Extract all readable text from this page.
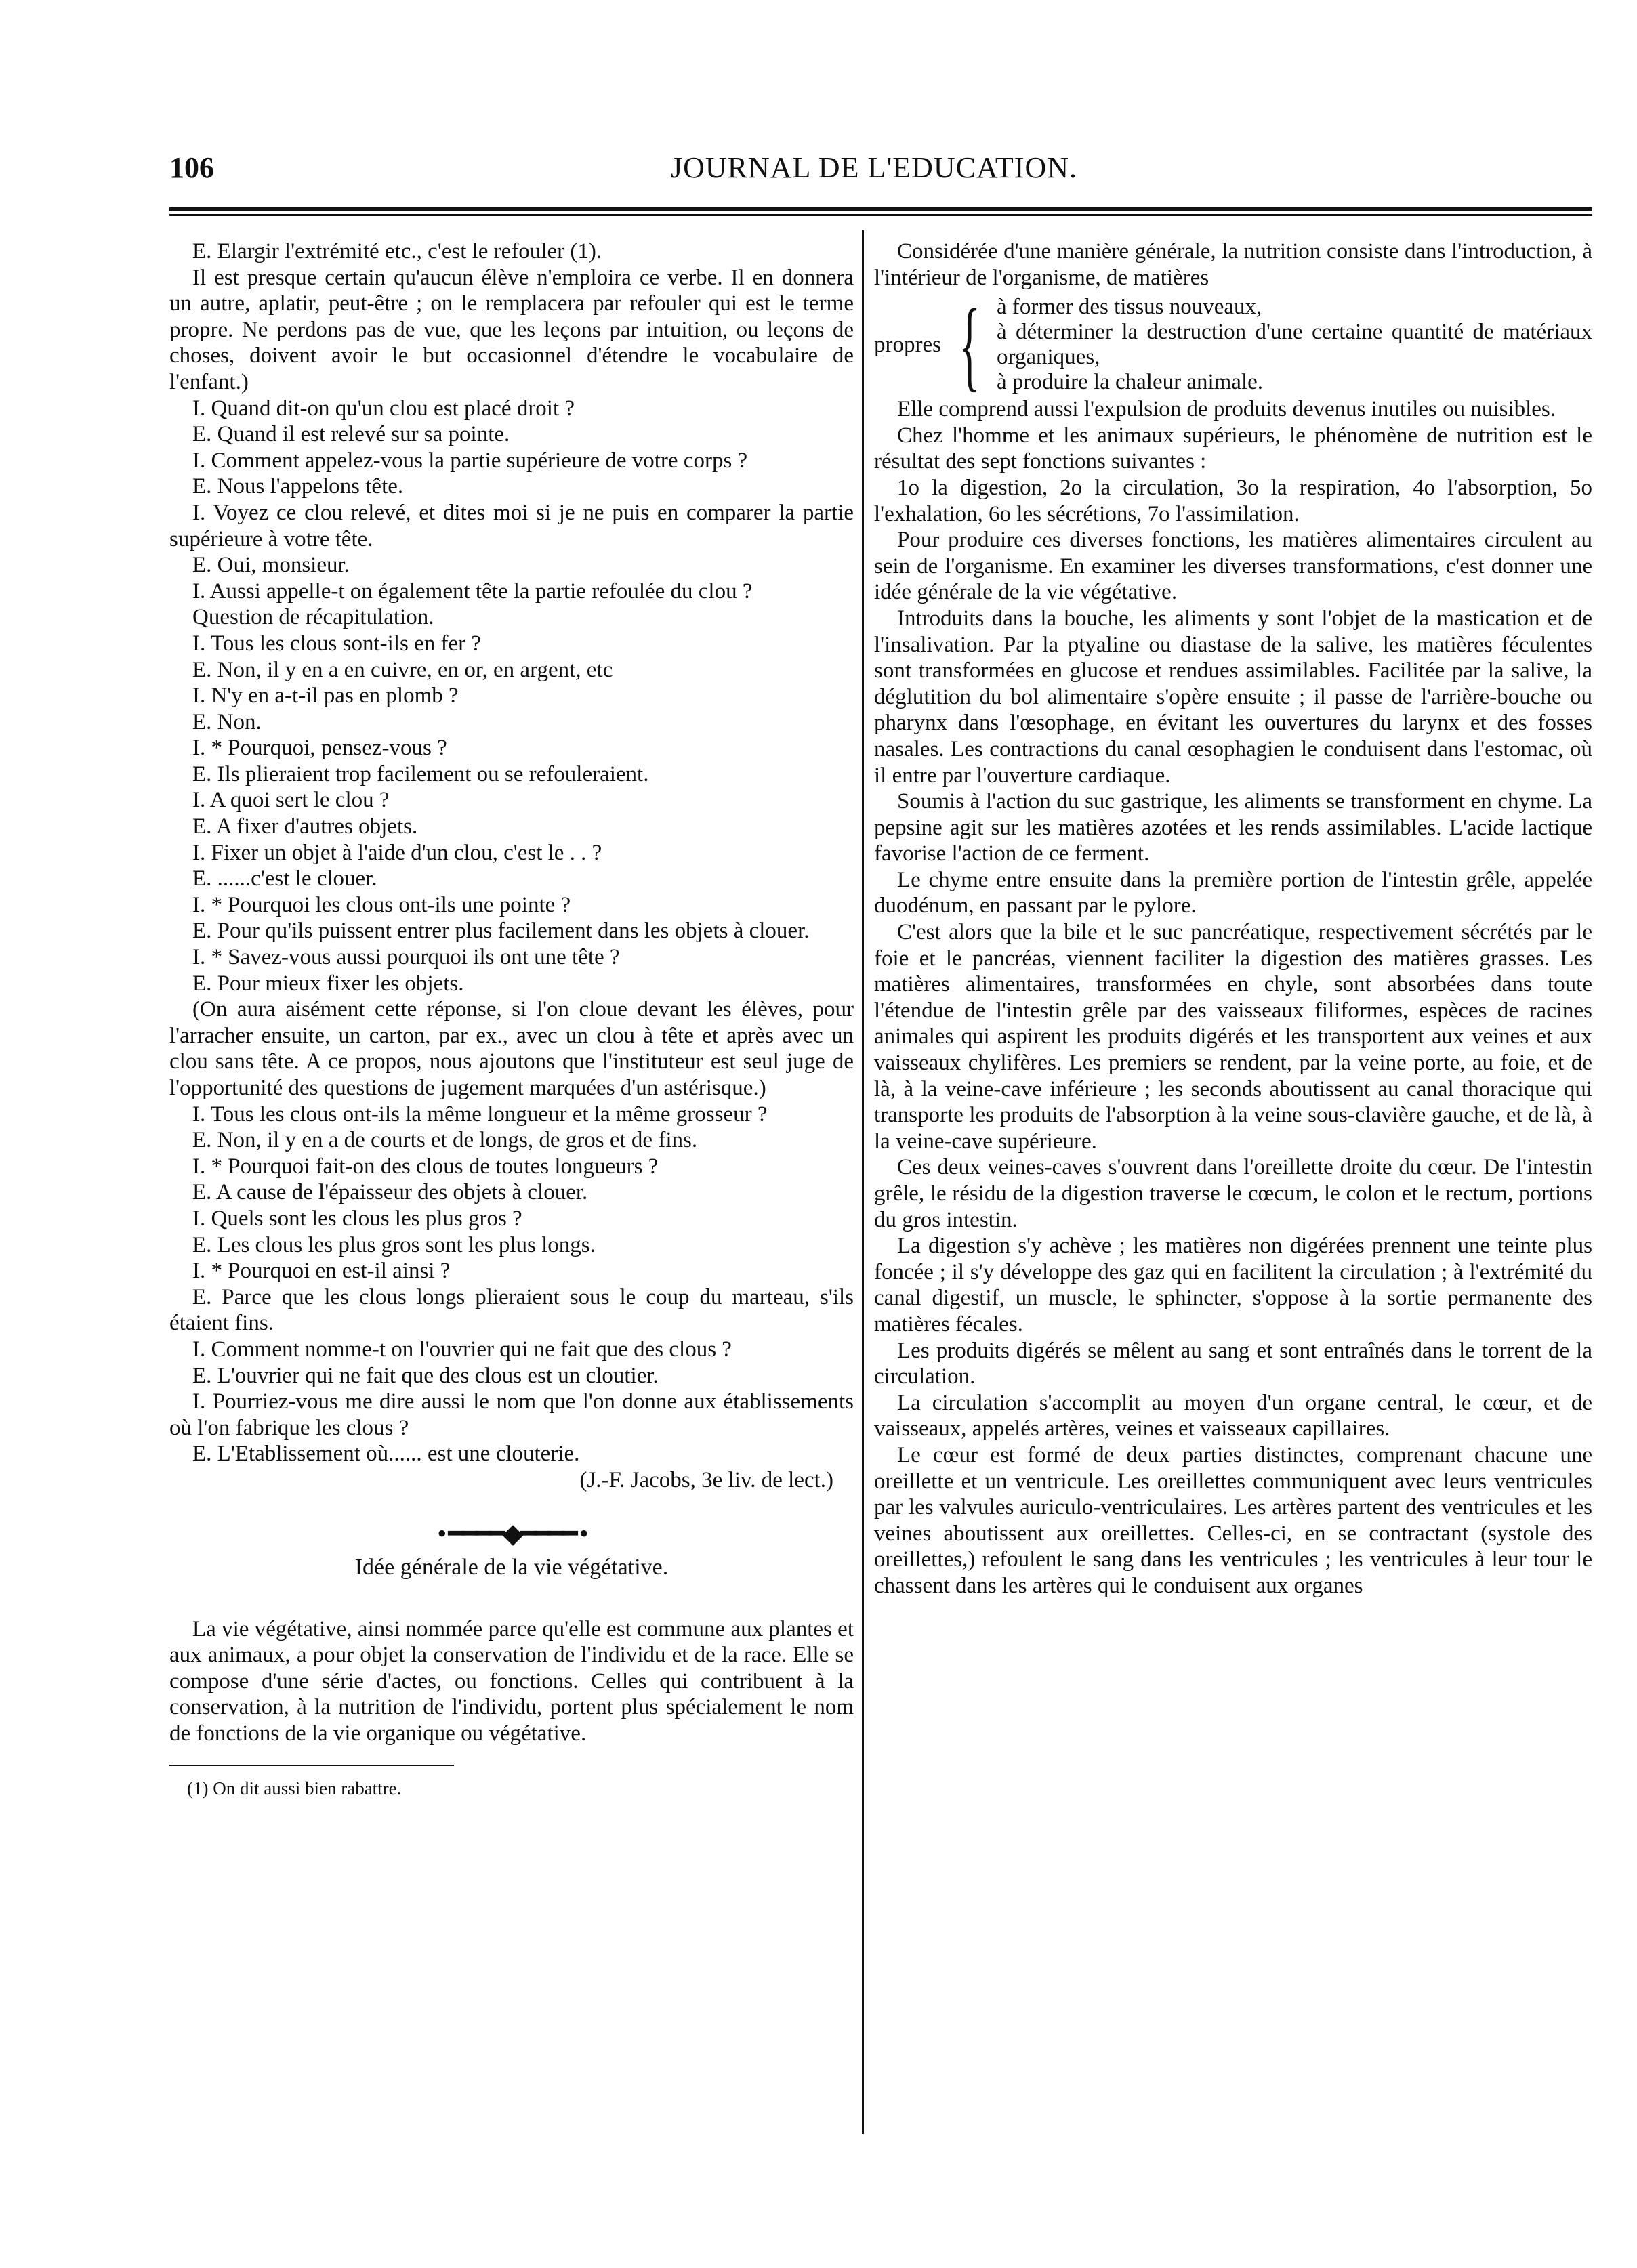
106	JOURNAL DE L'EDUCATION.

E. Elargir l'extrémité etc., c'est le refouler (1).

Il est presque certain qu'aucun élève n'emploira ce verbe. Il en donnera un autre, aplatir, peut-être ; on le remplacera par refouler qui est le terme propre. Ne perdons pas de vue, que les leçons par intuition, ou leçons de choses, doivent avoir le but occasionnel d'étendre le vocabulaire de l'enfant.)

I. Quand dit-on qu'un clou est placé droit ?

E. Quand il est relevé sur sa pointe.

I. Comment appelez-vous la partie supérieure de votre corps ?

E. Nous l'appelons tête.

I. Voyez ce clou relevé, et dites moi si je ne puis en comparer la partie supérieure à votre tête.

E. Oui, monsieur.

I. Aussi appelle-t on également tête la partie refoulée du clou ?

Question de récapitulation.

I. Tous les clous sont-ils en fer ?

E. Non, il y en a en cuivre, en or, en argent, etc

I. N'y en a-t-il pas en plomb ?

E. Non.

I. * Pourquoi, pensez-vous ?

E. Ils plieraient trop facilement ou se refouleraient.

I. A quoi sert le clou ?

E. A fixer d'autres objets.

I. Fixer un objet à l'aide d'un clou, c'est le . . ?

E. ......c'est le clouer.

I. * Pourquoi les clous ont-ils une pointe ?

E. Pour qu'ils puissent entrer plus facilement dans les objets à clouer.

I. * Savez-vous aussi pourquoi ils ont une tête ?

E. Pour mieux fixer les objets.

(On aura aisément cette réponse, si l'on cloue devant les élèves, pour l'arracher ensuite, un carton, par ex., avec un clou à tête et après avec un clou sans tête. A ce propos, nous ajoutons que l'instituteur est seul juge de l'opportunité des questions de jugement marquées d'un astérisque.)

I. Tous les clous ont-ils la même longueur et la même grosseur ?

E. Non, il y en a de courts et de longs, de gros et de fins.

I. * Pourquoi fait-on des clous de toutes longueurs ?

E. A cause de l'épaisseur des objets à clouer.

I. Quels sont les clous les plus gros ?

E. Les clous les plus gros sont les plus longs.

I. * Pourquoi en est-il ainsi ?

E. Parce que les clous longs plieraient sous le coup du marteau, s'ils étaient fins.

I. Comment nomme-t on l'ouvrier qui ne fait que des clous ?

E. L'ouvrier qui ne fait que des clous est un cloutier.

I. Pourriez-vous me dire aussi le nom que l'on donne aux établissements où l'on fabrique les clous ?

E. L'Etablissement où...... est une clouterie.

(J.-F. Jacobs, 3e liv. de lect.)

• ━━━━◆━━━━ •
Idée générale de la vie végétative.

La vie végétative, ainsi nommée parce qu'elle est commune aux plantes et aux animaux, a pour objet la conservation de l'individu et de la race. Elle se compose d'une série d'actes, ou fonctions. Celles qui contribuent à la conservation, à la nutrition de l'individu, portent plus spécialement le nom de fonctions de la vie organique ou végétative.

(1) On dit aussi bien rabattre.

Considérée d'une manière générale, la nutrition consiste dans l'introduction, à l'intérieur de l'organisme, de matières

propres { à former des tissus nouveaux,
à déterminer la destruction d'une certaine quantité de matériaux organiques,
à produire la chaleur animale.

Elle comprend aussi l'expulsion de produits devenus inutiles ou nuisibles.

Chez l'homme et les animaux supérieurs, le phénomène de nutrition est le résultat des sept fonctions suivantes :

1o la digestion, 2o la circulation, 3o la respiration, 4o l'absorption, 5o l'exhalation, 6o les sécrétions, 7o l'assimilation.

Pour produire ces diverses fonctions, les matières alimentaires circulent au sein de l'organisme. En examiner les diverses transformations, c'est donner une idée générale de la vie végétative.

Introduits dans la bouche, les aliments y sont l'objet de la mastication et de l'insalivation. Par la ptyaline ou diastase de la salive, les matières féculentes sont transformées en glucose et rendues assimilables. Facilitée par la salive, la déglutition du bol alimentaire s'opère ensuite ; il passe de l'arrière-bouche ou pharynx dans l'œsophage, en évitant les ouvertures du larynx et des fosses nasales. Les contractions du canal œsophagien le conduisent dans l'estomac, où il entre par l'ouverture cardiaque.

Soumis à l'action du suc gastrique, les aliments se transforment en chyme. La pepsine agit sur les matières azotées et les rends assimilables. L'acide lactique favorise l'action de ce ferment.

Le chyme entre ensuite dans la première portion de l'intestin grêle, appelée duodénum, en passant par le pylore.

C'est alors que la bile et le suc pancréatique, respectivement sécrétés par le foie et le pancréas, viennent faciliter la digestion des matières grasses. Les matières alimentaires, transformées en chyle, sont absorbées dans toute l'étendue de l'intestin grêle par des vaisseaux filiformes, espèces de racines animales qui aspirent les produits digérés et les transportent aux veines et aux vaisseaux chylifères. Les premiers se rendent, par la veine porte, au foie, et de là, à la veine-cave inférieure ; les seconds aboutissent au canal thoracique qui transporte les produits de l'absorption à la veine sous-clavière gauche, et de là, à la veine-cave supérieure.

Ces deux veines-caves s'ouvrent dans l'oreillette droite du cœur. De l'intestin grêle, le résidu de la digestion traverse le cœcum, le colon et le rectum, portions du gros intestin.

La digestion s'y achève ; les matières non digérées prennent une teinte plus foncée ; il s'y développe des gaz qui en facilitent la circulation ; à l'extrémité du canal digestif, un muscle, le sphincter, s'oppose à la sortie permanente des matières fécales.

Les produits digérés se mêlent au sang et sont entraînés dans le torrent de la circulation.

La circulation s'accomplit au moyen d'un organe central, le cœur, et de vaisseaux, appelés artères, veines et vaisseaux capillaires.

Le cœur est formé de deux parties distinctes, comprenant chacune une oreillette et un ventricule. Les oreillettes communiquent avec leurs ventricules par les valvules auriculo-ventriculaires. Les artères partent des ventricules et les veines aboutissent aux oreillettes. Celles-ci, en se contractant (systole des oreillettes,) refoulent le sang dans les ventricules ; les ventricules à leur tour le chassent dans les artères qui le conduisent aux organes
